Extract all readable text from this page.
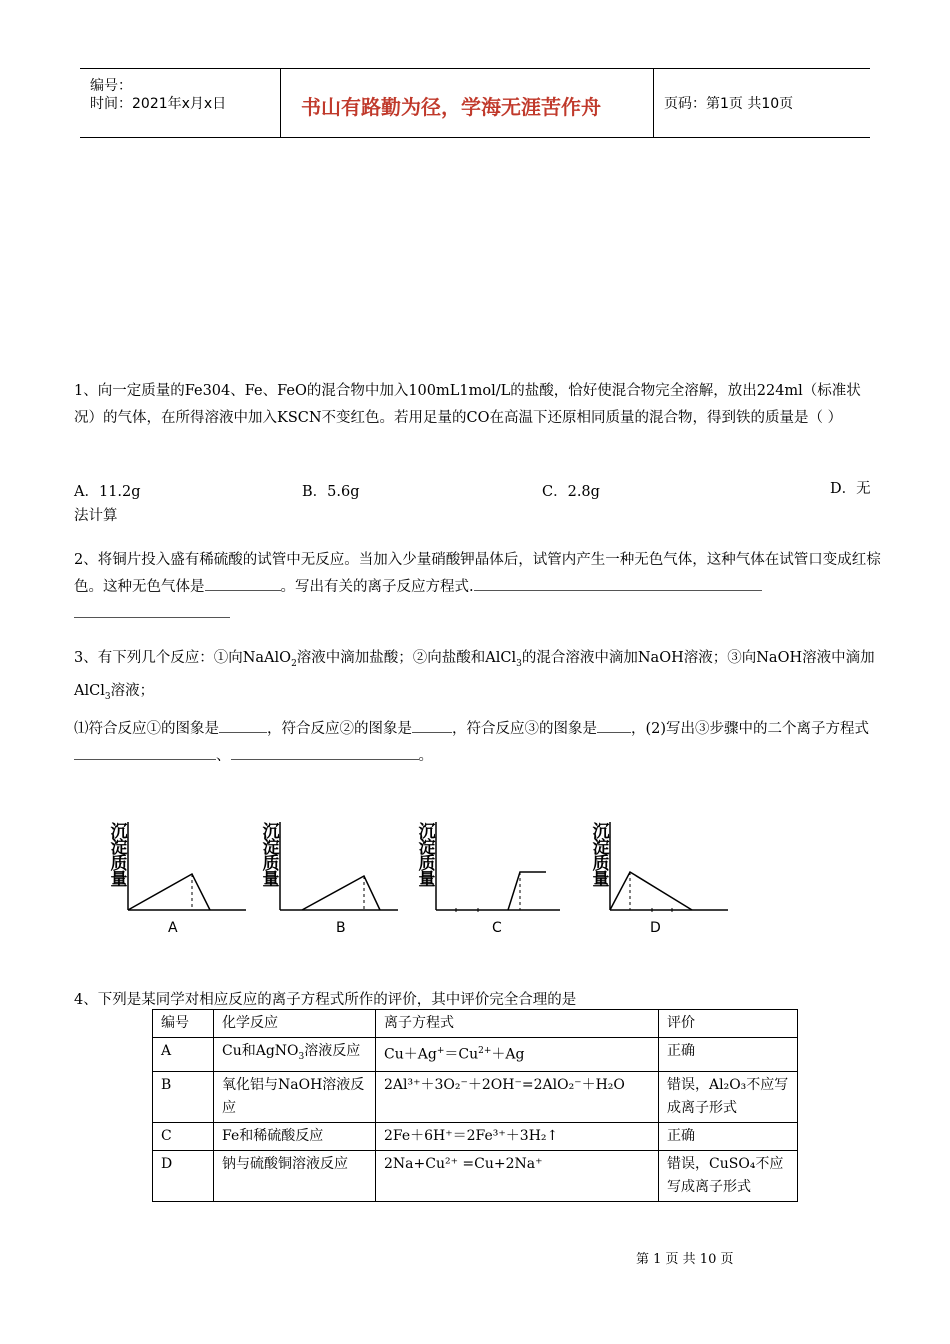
编号：
时间：2021年x月x日	书山有路勤为径，学海无涯苦作舟	页码：第1页 共10页
1、向一定质量的Fe304、Fe、FeO的混合物中加入100mL1mol/L的盐酸，恰好使混合物完全溶解，放出224ml（标准状况）的气体，在所得溶液中加入KSCN不变红色。若用足量的CO在高温下还原相同质量的混合物，得到铁的质量是（ ）
A．11.2g	B．5.6g	C．2.8g	D．无法计算
2、将铜片投入盛有稀硫酸的试管中无反应。当加入少量硝酸钾晶体后，试管内产生一种无色气体，这种气体在试管口变成红棕色。这种无色气体是	。写出有关的离子反应方程式.
3、有下列几个反应：①向NaAlO$_2$溶液中滴加盐酸；②向盐酸和AlCl$_3$的混合溶液中滴加NaOH溶液；③向NaOH溶液中滴加AlCl$_3$溶液；
⑴符合反应①的图象是	，符合反应②的图象是	，符合反应③的图象是 ，(2)写出③步骤中的二个离子方程式、	。
沉淀质量
A
沉淀质量
B
沉淀质量
C
沉淀质量
D
4、下列是某同学对相应反应的离子方程式所作的评价，其中评价完全合理的是
编号	化学反应	离子方程式	评价
A	Cu和AgNO$_3$溶液反应	$Cu+Ag^+=Cu^{2+}+Ag$	正确
B	氧化铝与NaOH溶液反应	2Al³⁺＋3O₂⁻＋2OH⁻=2AlO₂⁻＋H₂O	错误，Al₂O₃不应写成离子形式
C	Fe和稀硫酸反应	2Fe＋6H⁺＝2Fe³⁺＋3H₂↑	正确
D	钠与硫酸铜溶液反应	2Na+Cu²⁺ =Cu+2Na⁺	错误，CuSO₄不应写成离子形式
第 1 页 共 10 页
